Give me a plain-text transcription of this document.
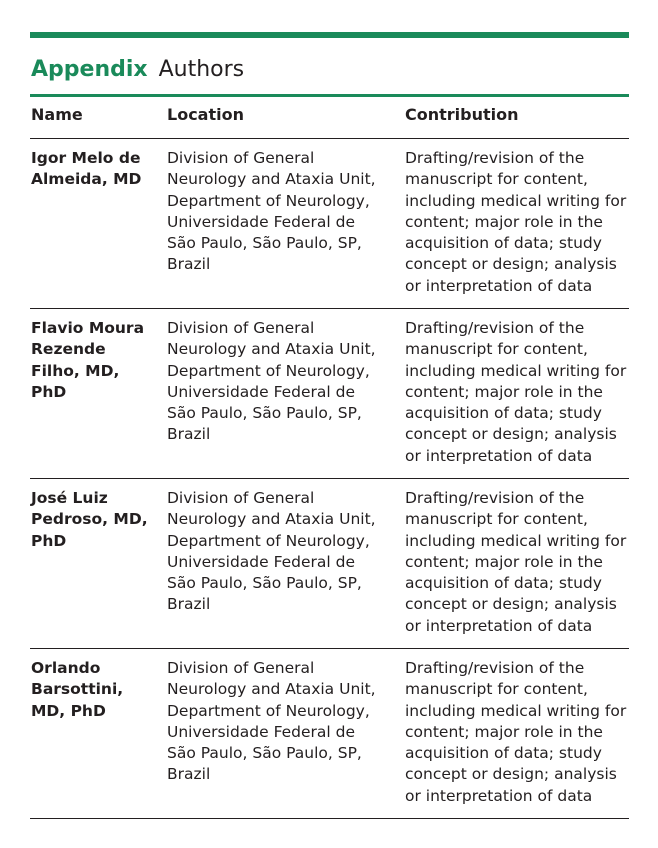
Appendix Authors
Name	Location	Contribution
Igor Melo de
Almeida, MD
Division of General
Neurology and Ataxia Unit,
Department of Neurology,
Universidade Federal de
São Paulo, São Paulo, SP,
Brazil
Drafting/revision of the
manuscript for content,
including medical writing for
content; major role in the
acquisition of data; study
concept or design; analysis
or interpretation of data
Flavio Moura
Rezende
Filho, MD,
PhD
Division of General
Neurology and Ataxia Unit,
Department of Neurology,
Universidade Federal de
São Paulo, São Paulo, SP,
Brazil
Drafting/revision of the
manuscript for content,
including medical writing for
content; major role in the
acquisition of data; study
concept or design; analysis
or interpretation of data
José Luiz
Pedroso, MD,
PhD
Division of General
Neurology and Ataxia Unit,
Department of Neurology,
Universidade Federal de
São Paulo, São Paulo, SP,
Brazil
Drafting/revision of the
manuscript for content,
including medical writing for
content; major role in the
acquisition of data; study
concept or design; analysis
or interpretation of data
Orlando
Barsottini,
MD, PhD
Division of General
Neurology and Ataxia Unit,
Department of Neurology,
Universidade Federal de
São Paulo, São Paulo, SP,
Brazil
Drafting/revision of the
manuscript for content,
including medical writing for
content; major role in the
acquisition of data; study
concept or design; analysis
or interpretation of data
